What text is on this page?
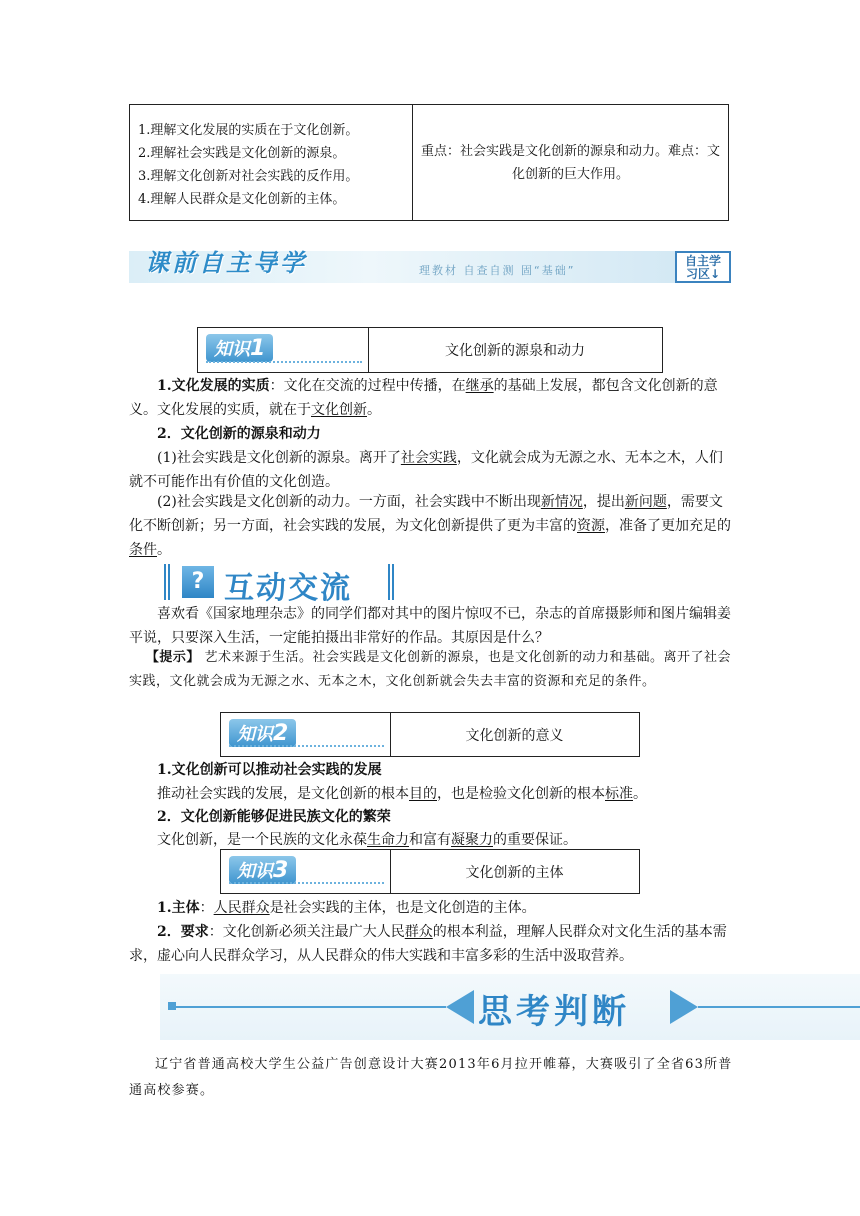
1.理解文化发展的实质在于文化创新。
2.理解社会实践是文化创新的源泉。
3.理解文化创新对社会实践的反作用。
4.理解人民群众是文化创新的主体。
重点：社会实践是文化创新的源泉和动力。难点：文化创新的巨大作用。
课前自主导学	理教材 自查自测 固“基础”
自主学
习区↓
知识1	文化创新的源泉和动力
1.文化发展的实质：文化在交流的过程中传播，在继承的基础上发展，都包含文化创新的意义。文化发展的实质，就在于文化创新。
2．文化创新的源泉和动力
(1)社会实践是文化创新的源泉。离开了社会实践，文化就会成为无源之水、无本之木，人们就不可能作出有价值的文化创造。
(2)社会实践是文化创新的动力。一方面，社会实践中不断出现新情况，提出新问题，需要文化不断创新；另一方面，社会实践的发展，为文化创新提供了更为丰富的资源，准备了更加充足的条件。
? 互动交流
喜欢看《国家地理杂志》的同学们都对其中的图片惊叹不已，杂志的首席摄影师和图片编辑姜平说，只要深入生活，一定能拍摄出非常好的作品。其原因是什么？
【提示】 艺术来源于生活。社会实践是文化创新的源泉，也是文化创新的动力和基础。离开了社会实践，文化就会成为无源之水、无本之木，文化创新就会失去丰富的资源和充足的条件。
知识2	文化创新的意义
1.文化创新可以推动社会实践的发展
推动社会实践的发展，是文化创新的根本目的，也是检验文化创新的根本标准。
2．文化创新能够促进民族文化的繁荣
文化创新，是一个民族的文化永葆生命力和富有凝聚力的重要保证。
知识3	文化创新的主体
1.主体：人民群众是社会实践的主体，也是文化创造的主体。
2．要求：文化创新必须关注最广大人民群众的根本利益，理解人民群众对文化生活的基本需求，虚心向人民群众学习，从人民群众的伟大实践和丰富多彩的生活中汲取营养。
思考判断
辽宁省普通高校大学生公益广告创意设计大赛2013年6月拉开帷幕，大赛吸引了全省63所普通高校参赛。
